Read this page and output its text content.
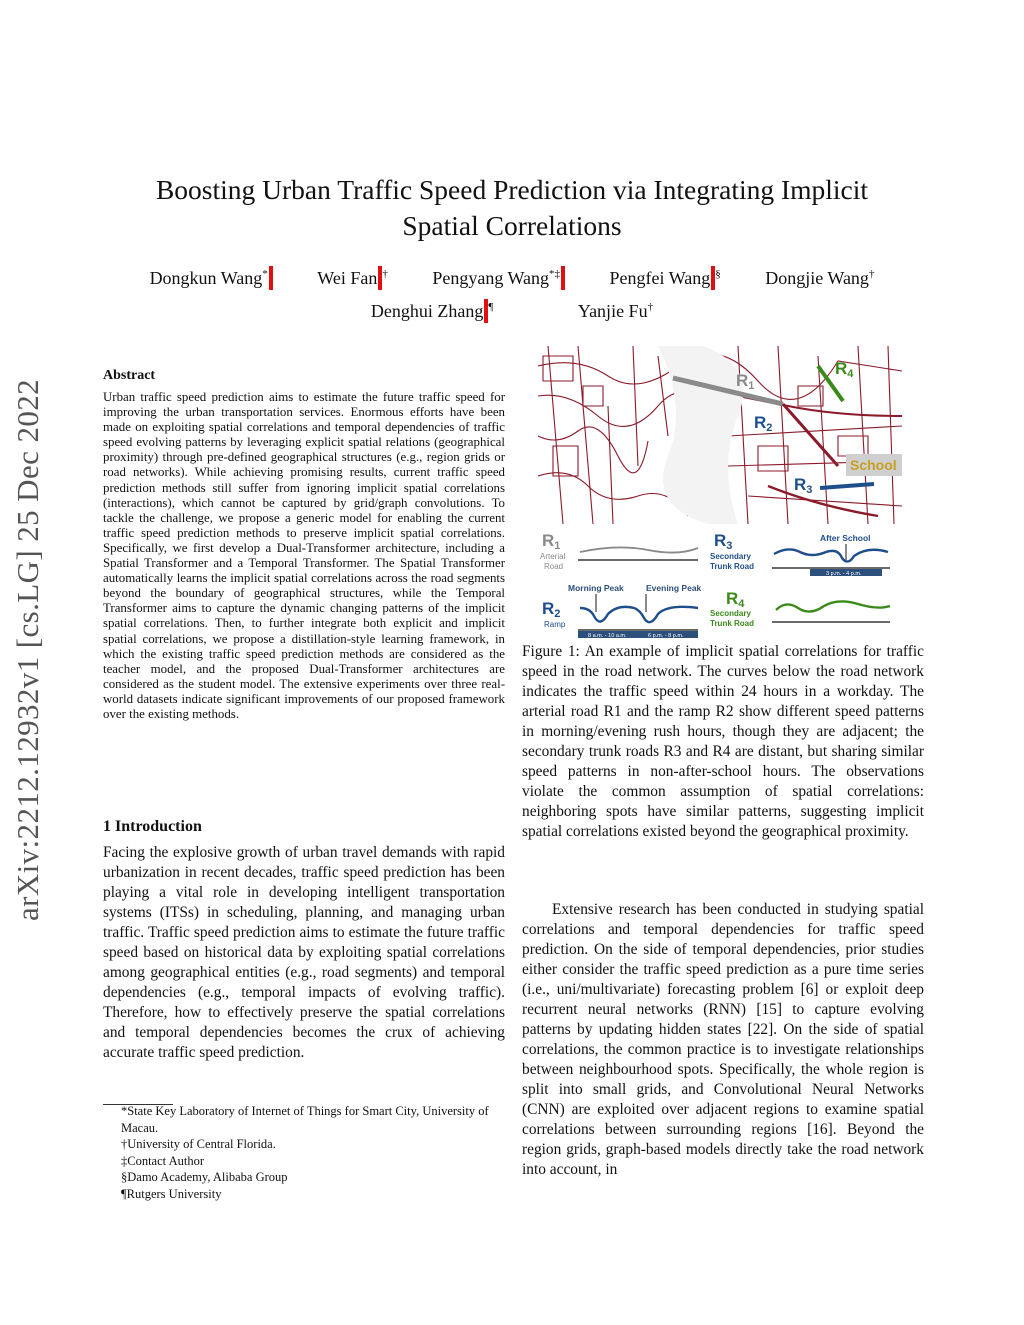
Boosting Urban Traffic Speed Prediction via Integrating Implicit
Spatial Correlations
Dongkun Wang*	Wei Fan † Pengyang Wang*‡	Pengfei Wang § Dongjie Wang†
Denghui Zhang ¶	Yanjie Fu†
arXiv:2212.12932v1 [cs.LG] 25 Dec 2022
Abstract
Urban traffic speed prediction aims to estimate the future traffic speed for improving the urban transportation services. Enormous efforts have been made on exploiting spatial correlations and temporal dependencies of traffic speed evolving patterns by leveraging explicit spatial relations (geographical proximity) through pre-defined geographical structures (e.g., region grids or road networks). While achieving promising results, current traffic speed prediction methods still suffer from ignoring implicit spatial correlations (interactions), which cannot be captured by grid/graph convolutions. To tackle the challenge, we propose a generic model for enabling the current traffic speed prediction methods to preserve implicit spatial correlations. Specifically, we first develop a Dual-Transformer architecture, including a Spatial Transformer and a Temporal Transformer. The Spatial Transformer automatically learns the implicit spatial correlations across the road segments beyond the boundary of geographical structures, while the Temporal Transformer aims to capture the dynamic changing patterns of the implicit spatial correlations. Then, to further integrate both explicit and implicit spatial correlations, we propose a distillation-style learning framework, in which the existing traffic speed prediction methods are considered as the teacher model, and the proposed Dual-Transformer architectures are considered as the student model. The extensive experiments over three real-world datasets indicate significant improvements of our proposed framework over the existing methods.
1 Introduction
Facing the explosive growth of urban travel demands with rapid urbanization in recent decades, traffic speed prediction has been playing a vital role in developing intelligent transportation systems (ITSs) in scheduling, planning, and managing urban traffic. Traffic speed prediction aims to estimate the future traffic speed based on historical data by exploiting spatial correlations among geographical entities (e.g., road segments) and temporal dependencies (e.g., temporal impacts of evolving traffic). Therefore, how to effectively preserve the spatial correlations and temporal dependencies becomes the crux of achieving accurate traffic speed prediction.

*State Key Laboratory of Internet of Things for Smart City, University of Macau.

†University of Central Florida.

‡Contact Author

§Damo Academy, Alibaba Group

¶Rutgers University

School
R1
R2
R4
R3
R1
Arterial
Road
Morning Peak	Evening Peak
R2
Ramp
8 a.m. - 10 a.m.	6 p.m. - 8 p.m.
R3
Secondary
Trunk Road
After School
3 p.m. - 4 p.m.
R4
Secondary
Trunk Road
Figure 1: An example of implicit spatial correlations for traffic speed in the road network. The curves below the road network indicates the traffic speed within 24 hours in a workday. The arterial road R1 and the ramp R2 show different speed patterns in morning/evening rush hours, though they are adjacent; the secondary trunk roads R3 and R4 are distant, but sharing similar speed patterns in non-after-school hours. The observations violate the common assumption of spatial correlations: neighboring spots have similar patterns, suggesting implicit spatial correlations existed beyond the geographical proximity.
Extensive research has been conducted in studying spatial correlations and temporal dependencies for traffic speed prediction. On the side of temporal dependencies, prior studies either consider the traffic speed prediction as a pure time series (i.e., uni/multivariate) forecasting problem [6] or exploit deep recurrent neural networks (RNN) [15] to capture evolving patterns by updating hidden states [22]. On the side of spatial correlations, the common practice is to investigate relationships between neighbourhood spots. Specifically, the whole region is split into small grids, and Convolutional Neural Networks (CNN) are exploited over adjacent regions to examine spatial correlations between surrounding regions [16]. Beyond the region grids, graph-based models directly take the road network into account, in
